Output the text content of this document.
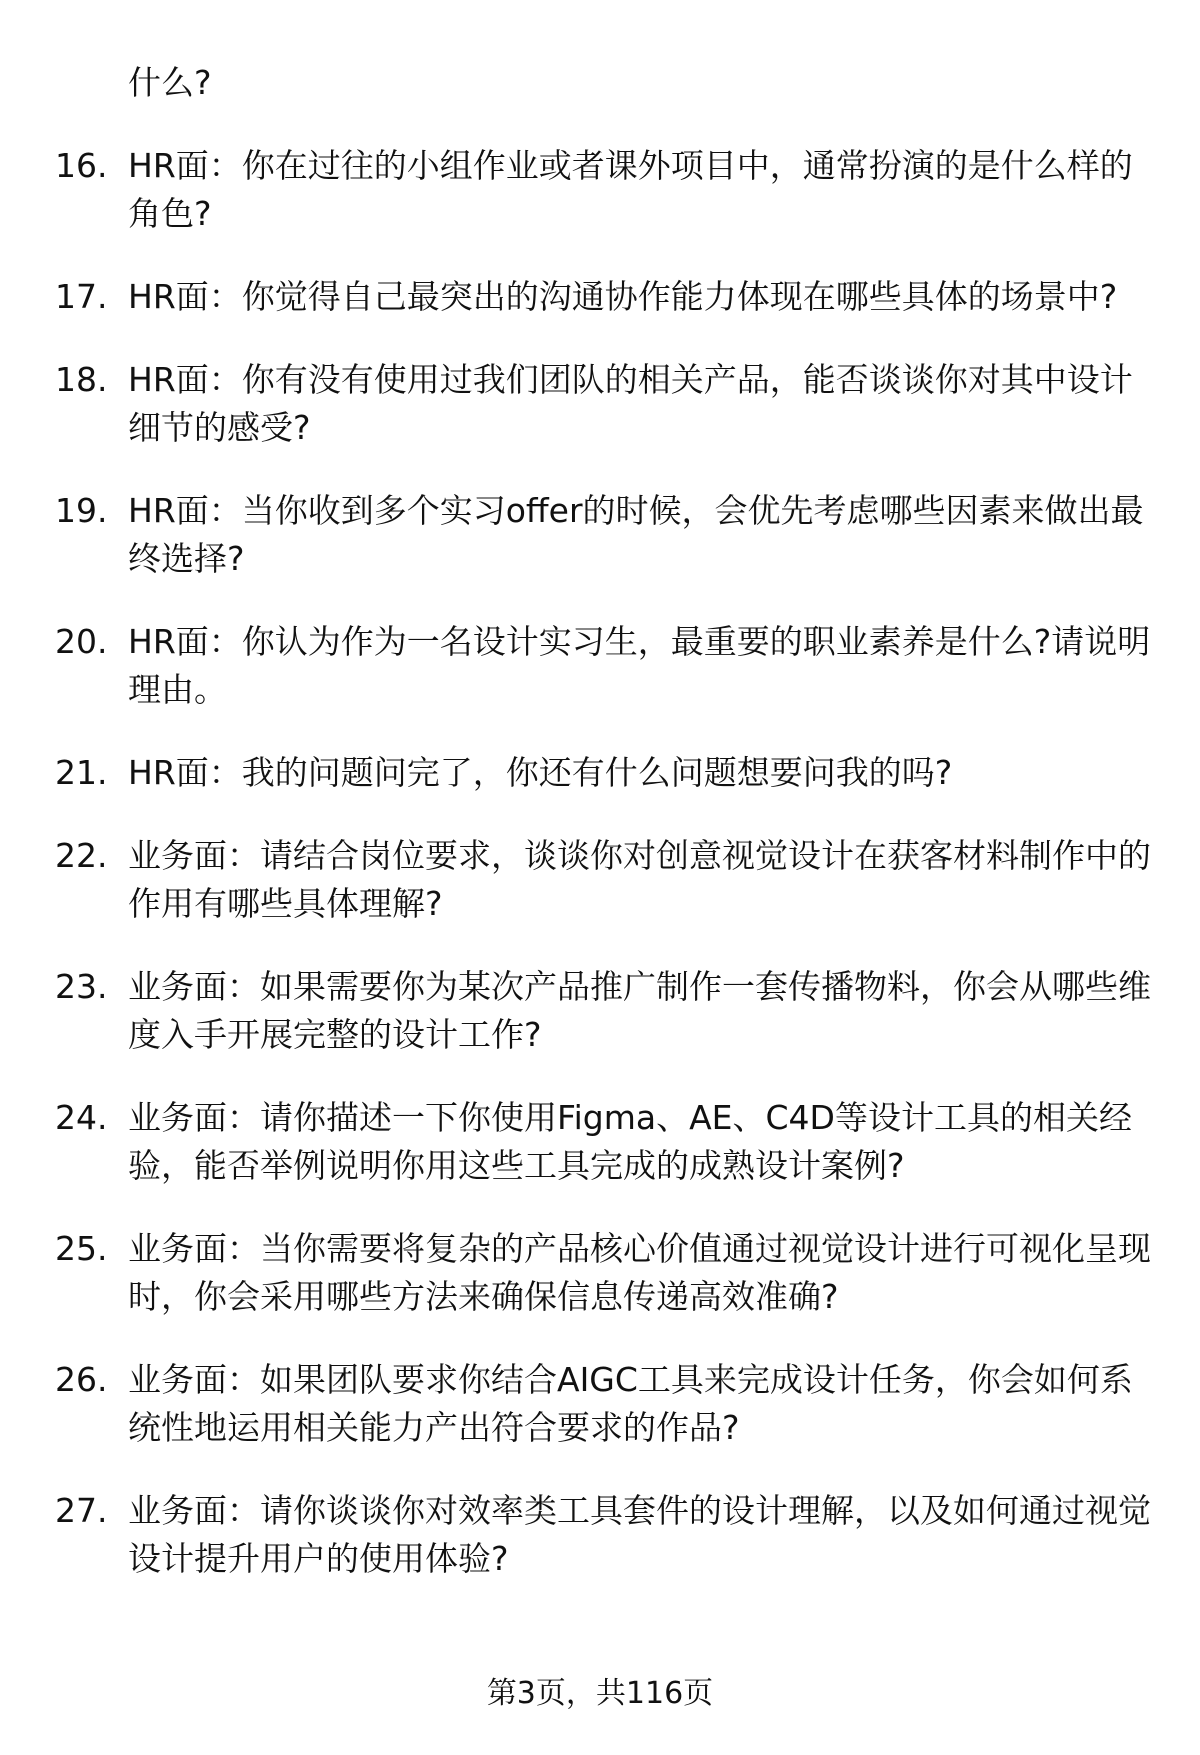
什么?
16. HR面：你在过往的小组作业或者课外项目中，通常扮演的是什么样的角色?
17. HR面：你觉得自己最突出的沟通协作能力体现在哪些具体的场景中?
18. HR面：你有没有使用过我们团队的相关产品，能否谈谈你对其中设计细节的感受?
19. HR面：当你收到多个实习offer的时候，会优先考虑哪些因素来做出最终选择?
20. HR面：你认为作为一名设计实习生，最重要的职业素养是什么?请说明理由。
21. HR面：我的问题问完了，你还有什么问题想要问我的吗?
22. 业务面：请结合岗位要求，谈谈你对创意视觉设计在获客材料制作中的作用有哪些具体理解?
23. 业务面：如果需要你为某次产品推广制作一套传播物料，你会从哪些维度入手开展完整的设计工作?
24. 业务面：请你描述一下你使用Figma、AE、C4D等设计工具的相关经验，能否举例说明你用这些工具完成的成熟设计案例?
25. 业务面：当你需要将复杂的产品核心价值通过视觉设计进行可视化呈现时，你会采用哪些方法来确保信息传递高效准确?
26. 业务面：如果团队要求你结合AIGC工具来完成设计任务，你会如何系统性地运用相关能力产出符合要求的作品?
27. 业务面：请你谈谈你对效率类工具套件的设计理解，以及如何通过视觉设计提升用户的使用体验?
第3页，共116页
